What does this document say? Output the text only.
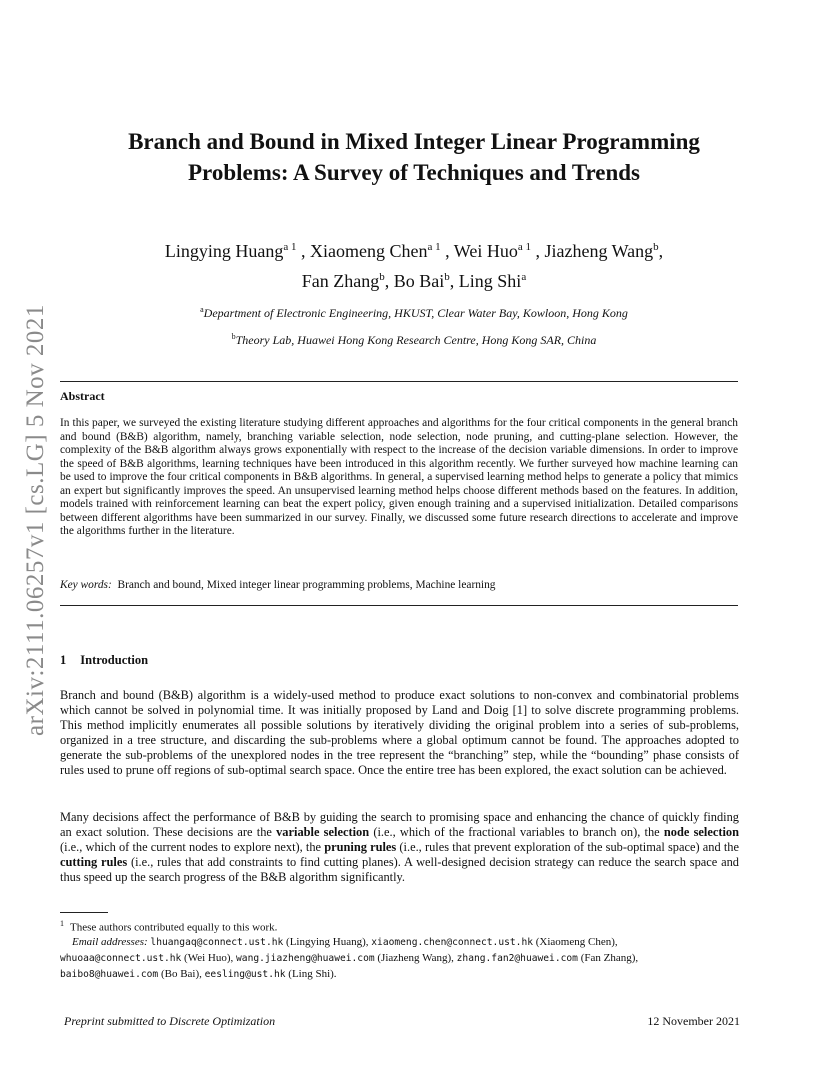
arXiv:2111.06257v1 [cs.LG] 5 Nov 2021
Branch and Bound in Mixed Integer Linear Programming
Problems: A Survey of Techniques and Trends
Lingying Huang$^{a 1}$ , Xiaomeng Chen$^{a 1}$ , Wei Huo$^{a 1}$ , Jiazheng Wang$^b$,
Fan Zhang$^b$, Bo Bai$^b$, Ling Shi$^a$
$^a$Department of Electronic Engineering, HKUST, Clear Water Bay, Kowloon, Hong Kong
$^b$Theory Lab, Huawei Hong Kong Research Centre, Hong Kong SAR, China
Abstract
In this paper, we surveyed the existing literature studying different approaches and algorithms for the four critical components in the general branch and bound (B&B) algorithm, namely, branching variable selection, node selection, node pruning, and cutting-plane selection. However, the complexity of the B&B algorithm always grows exponentially with respect to the increase of the decision variable dimensions. In order to improve the speed of B&B algorithms, learning techniques have been introduced in this algorithm recently. We further surveyed how machine learning can be used to improve the four critical components in B&B algorithms. In general, a supervised learning method helps to generate a policy that mimics an expert but significantly improves the speed. An unsupervised learning method helps choose different methods based on the features. In addition, models trained with reinforcement learning can beat the expert policy, given enough training and a supervised initialization. Detailed comparisons between different algorithms have been summarized in our survey. Finally, we discussed some future research directions to accelerate and improve the algorithms further in the literature.
Key words: Branch and bound, Mixed integer linear programming problems, Machine learning
1 Introduction
Branch and bound (B&B) algorithm is a widely-used method to produce exact solutions to non-convex and combinatorial problems which cannot be solved in polynomial time. It was initially proposed by Land and Doig [1] to solve discrete programming problems. This method implicitly enumerates all possible solutions by iteratively dividing the original problem into a series of sub-problems, organized in a tree structure, and discarding the sub-problems where a global optimum cannot be found. The approaches adopted to generate the sub-problems of the unexplored nodes in the tree represent the “branching” step, while the “bounding” phase consists of rules used to prune off regions of sub-optimal search space. Once the entire tree has been explored, the exact solution can be achieved.
Many decisions affect the performance of B&B by guiding the search to promising space and enhancing the chance of quickly finding an exact solution. These decisions are the variable selection (i.e., which of the fractional variables to branch on), the node selection (i.e., which of the current nodes to explore next), the pruning rules (i.e., rules that prevent exploration of the sub-optimal space) and the cutting rules (i.e., rules that add constraints to find cutting planes). A well-designed decision strategy can reduce the search space and thus speed up the search progress of the B&B algorithm significantly.
$^1$ These authors contributed equally to this work.
Email addresses: lhuangaq@connect.ust.hk (Lingying Huang), xiaomeng.chen@connect.ust.hk (Xiaomeng Chen),
whuoaa@connect.ust.hk (Wei Huo), wang.jiazheng@huawei.com (Jiazheng Wang), zhang.fan2@huawei.com (Fan Zhang),
baibo8@huawei.com (Bo Bai), eesling@ust.hk (Ling Shi).
Preprint submitted to Discrete Optimization	12 November 2021
